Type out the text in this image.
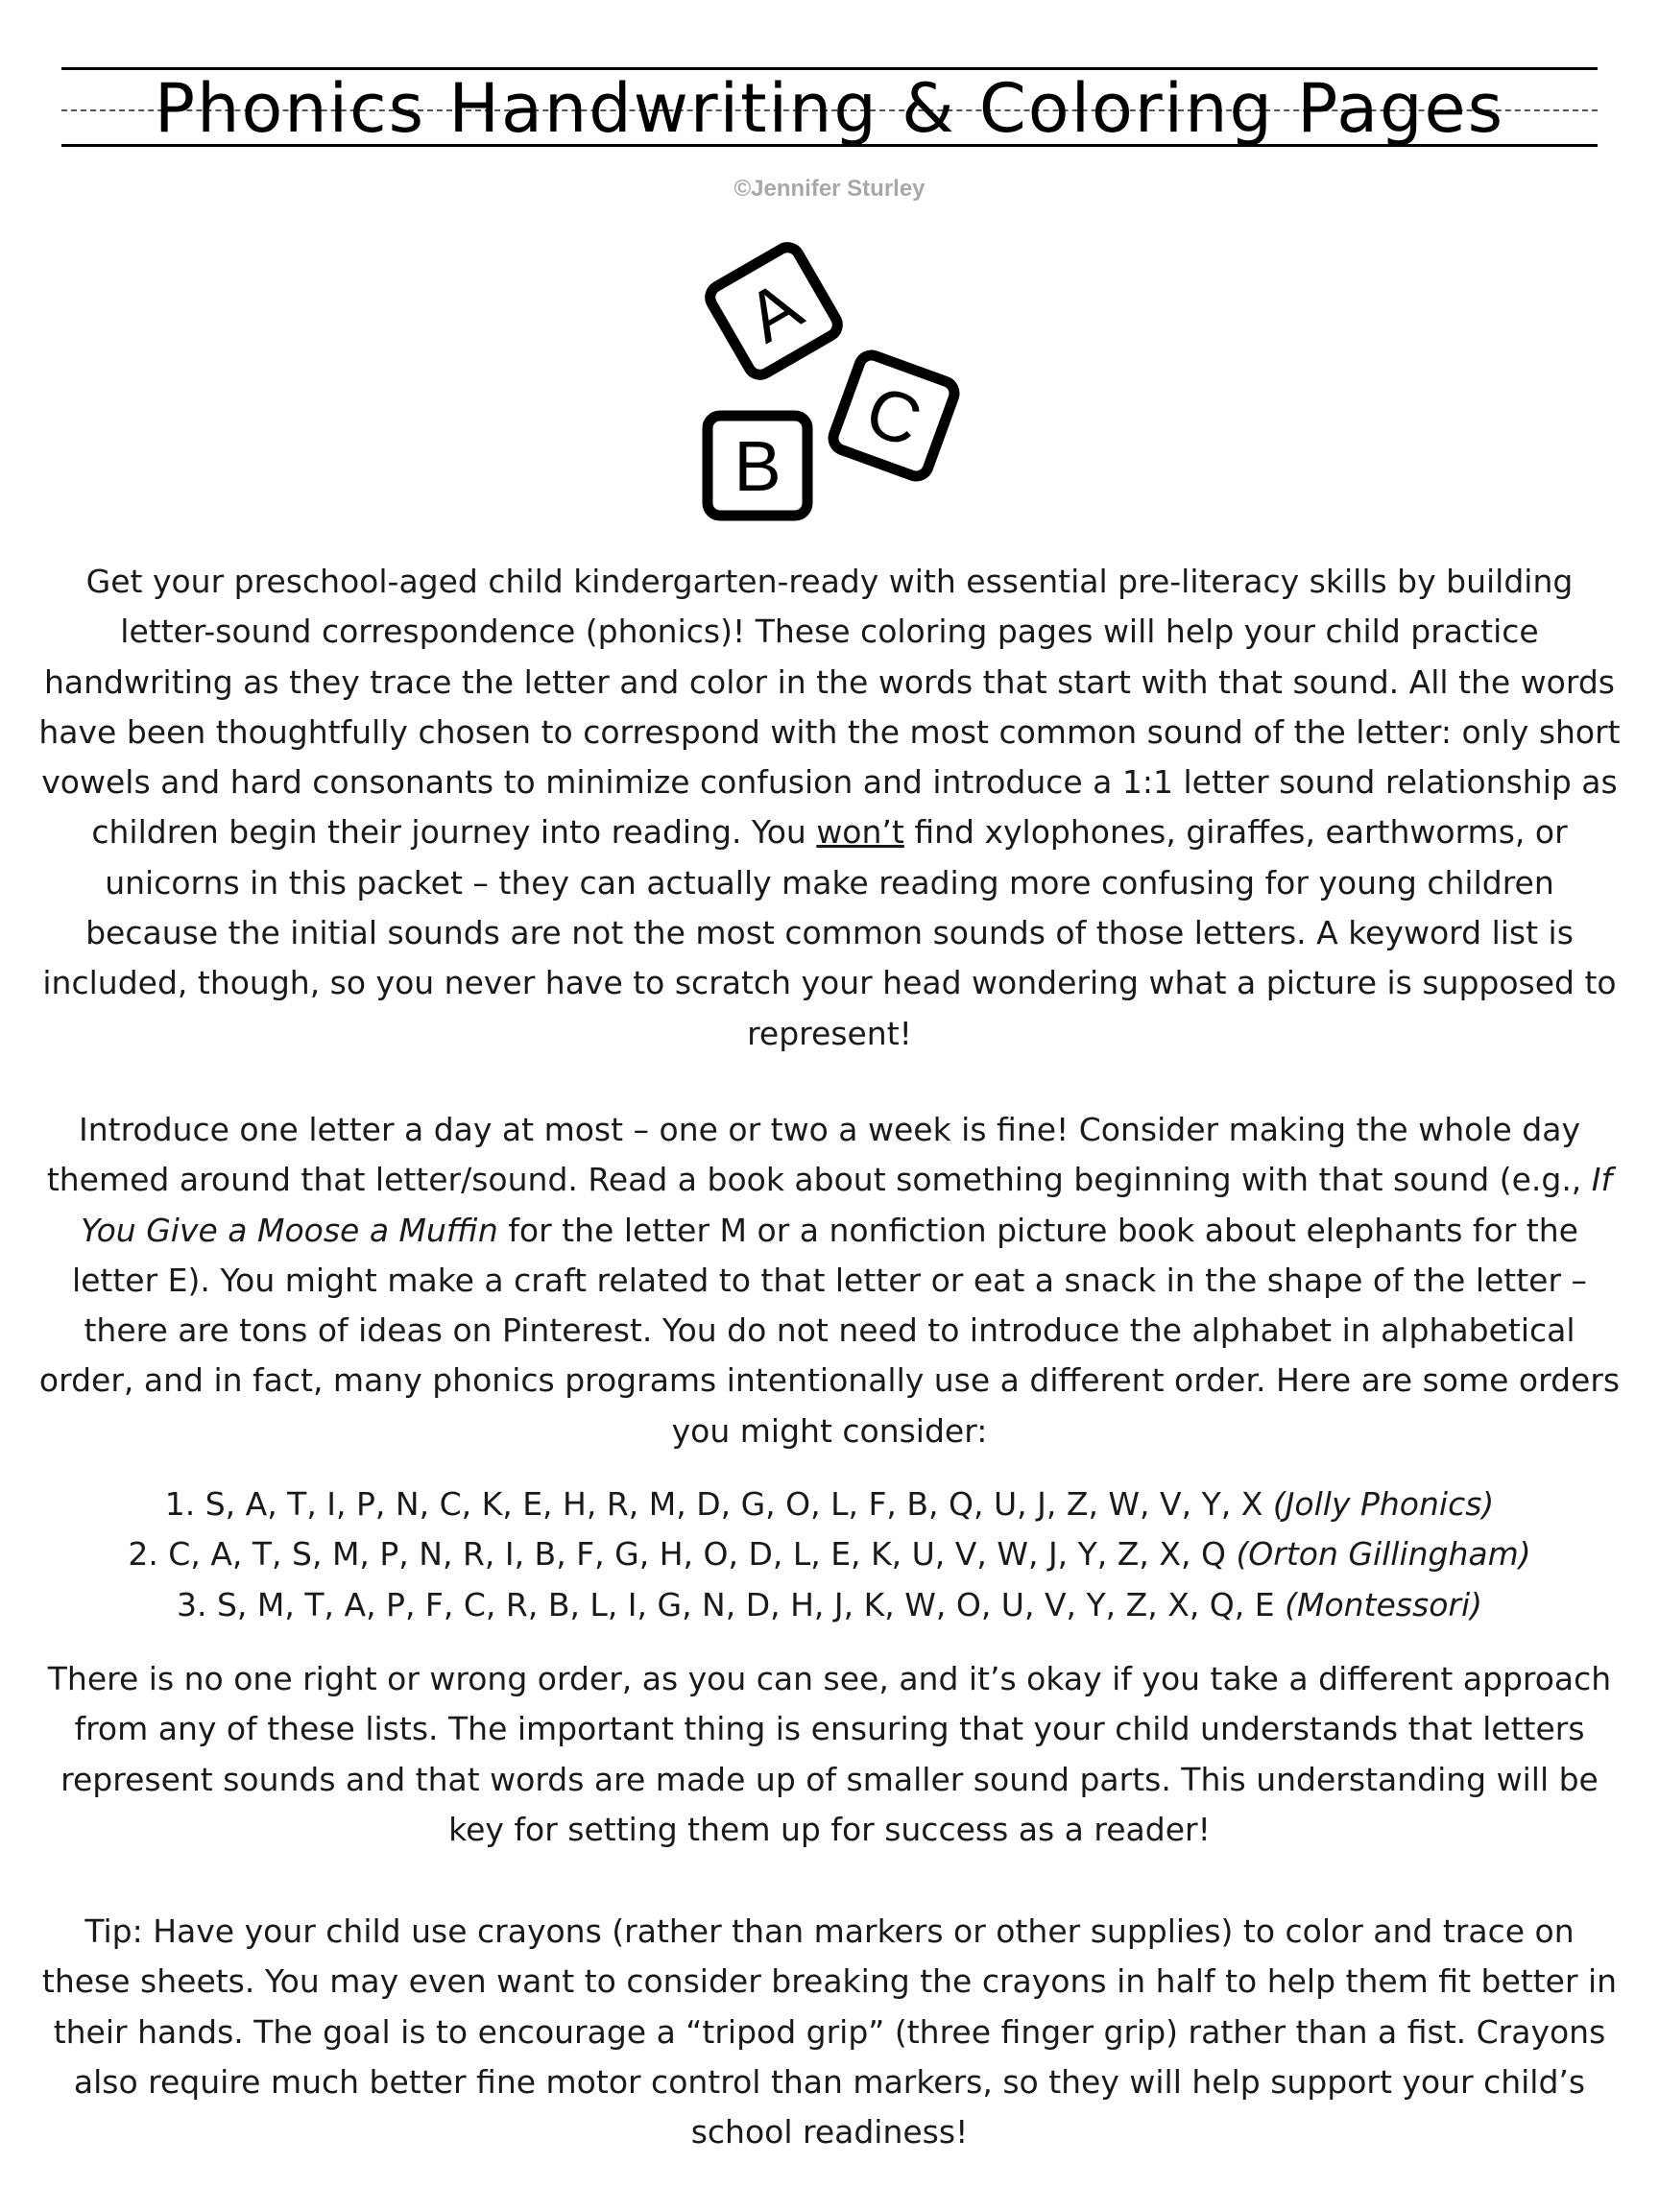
Phonics Handwriting & Coloring Pages
©Jennifer Sturley
A
C
B

Get your preschool-aged child kindergarten-ready with essential pre-literacy skills by building letter-sound correspondence (phonics)! These coloring pages will help your child practice handwriting as they trace the letter and color in the words that start with that sound. All the words have been thoughtfully chosen to correspond with the most common sound of the letter: only short vowels and hard consonants to minimize confusion and introduce a 1:1 letter sound relationship as children begin their journey into reading. You won’t find xylophones, giraffes, earthworms, or unicorns in this packet – they can actually make reading more confusing for young children because the initial sounds are not the most common sounds of those letters. A keyword list is included, though, so you never have to scratch your head wondering what a picture is supposed to represent!

Introduce one letter a day at most – one or two a week is fine! Consider making the whole day themed around that letter/sound. Read a book about something beginning with that sound (e.g., If You Give a Moose a Muffin for the letter M or a nonfiction picture book about elephants for the letter E). You might make a craft related to that letter or eat a snack in the shape of the letter – there are tons of ideas on Pinterest. You do not need to introduce the alphabet in alphabetical order, and in fact, many phonics programs intentionally use a different order. Here are some orders you might consider:

1. S, A, T, I, P, N, C, K, E, H, R, M, D, G, O, L, F, B, Q, U, J, Z, W, V, Y, X (Jolly Phonics)
2. C, A, T, S, M, P, N, R, I, B, F, G, H, O, D, L, E, K, U, V, W, J, Y, Z, X, Q (Orton Gillingham)
3. S, M, T, A, P, F, C, R, B, L, I, G, N, D, H, J, K, W, O, U, V, Y, Z, X, Q, E (Montessori)

There is no one right or wrong order, as you can see, and it’s okay if you take a different approach from any of these lists. The important thing is ensuring that your child understands that letters represent sounds and that words are made up of smaller sound parts. This understanding will be key for setting them up for success as a reader!

Tip: Have your child use crayons (rather than markers or other supplies) to color and trace on these sheets. You may even want to consider breaking the crayons in half to help them fit better in their hands. The goal is to encourage a “tripod grip” (three finger grip) rather than a fist. Crayons also require much better fine motor control than markers, so they will help support your child’s school readiness!
